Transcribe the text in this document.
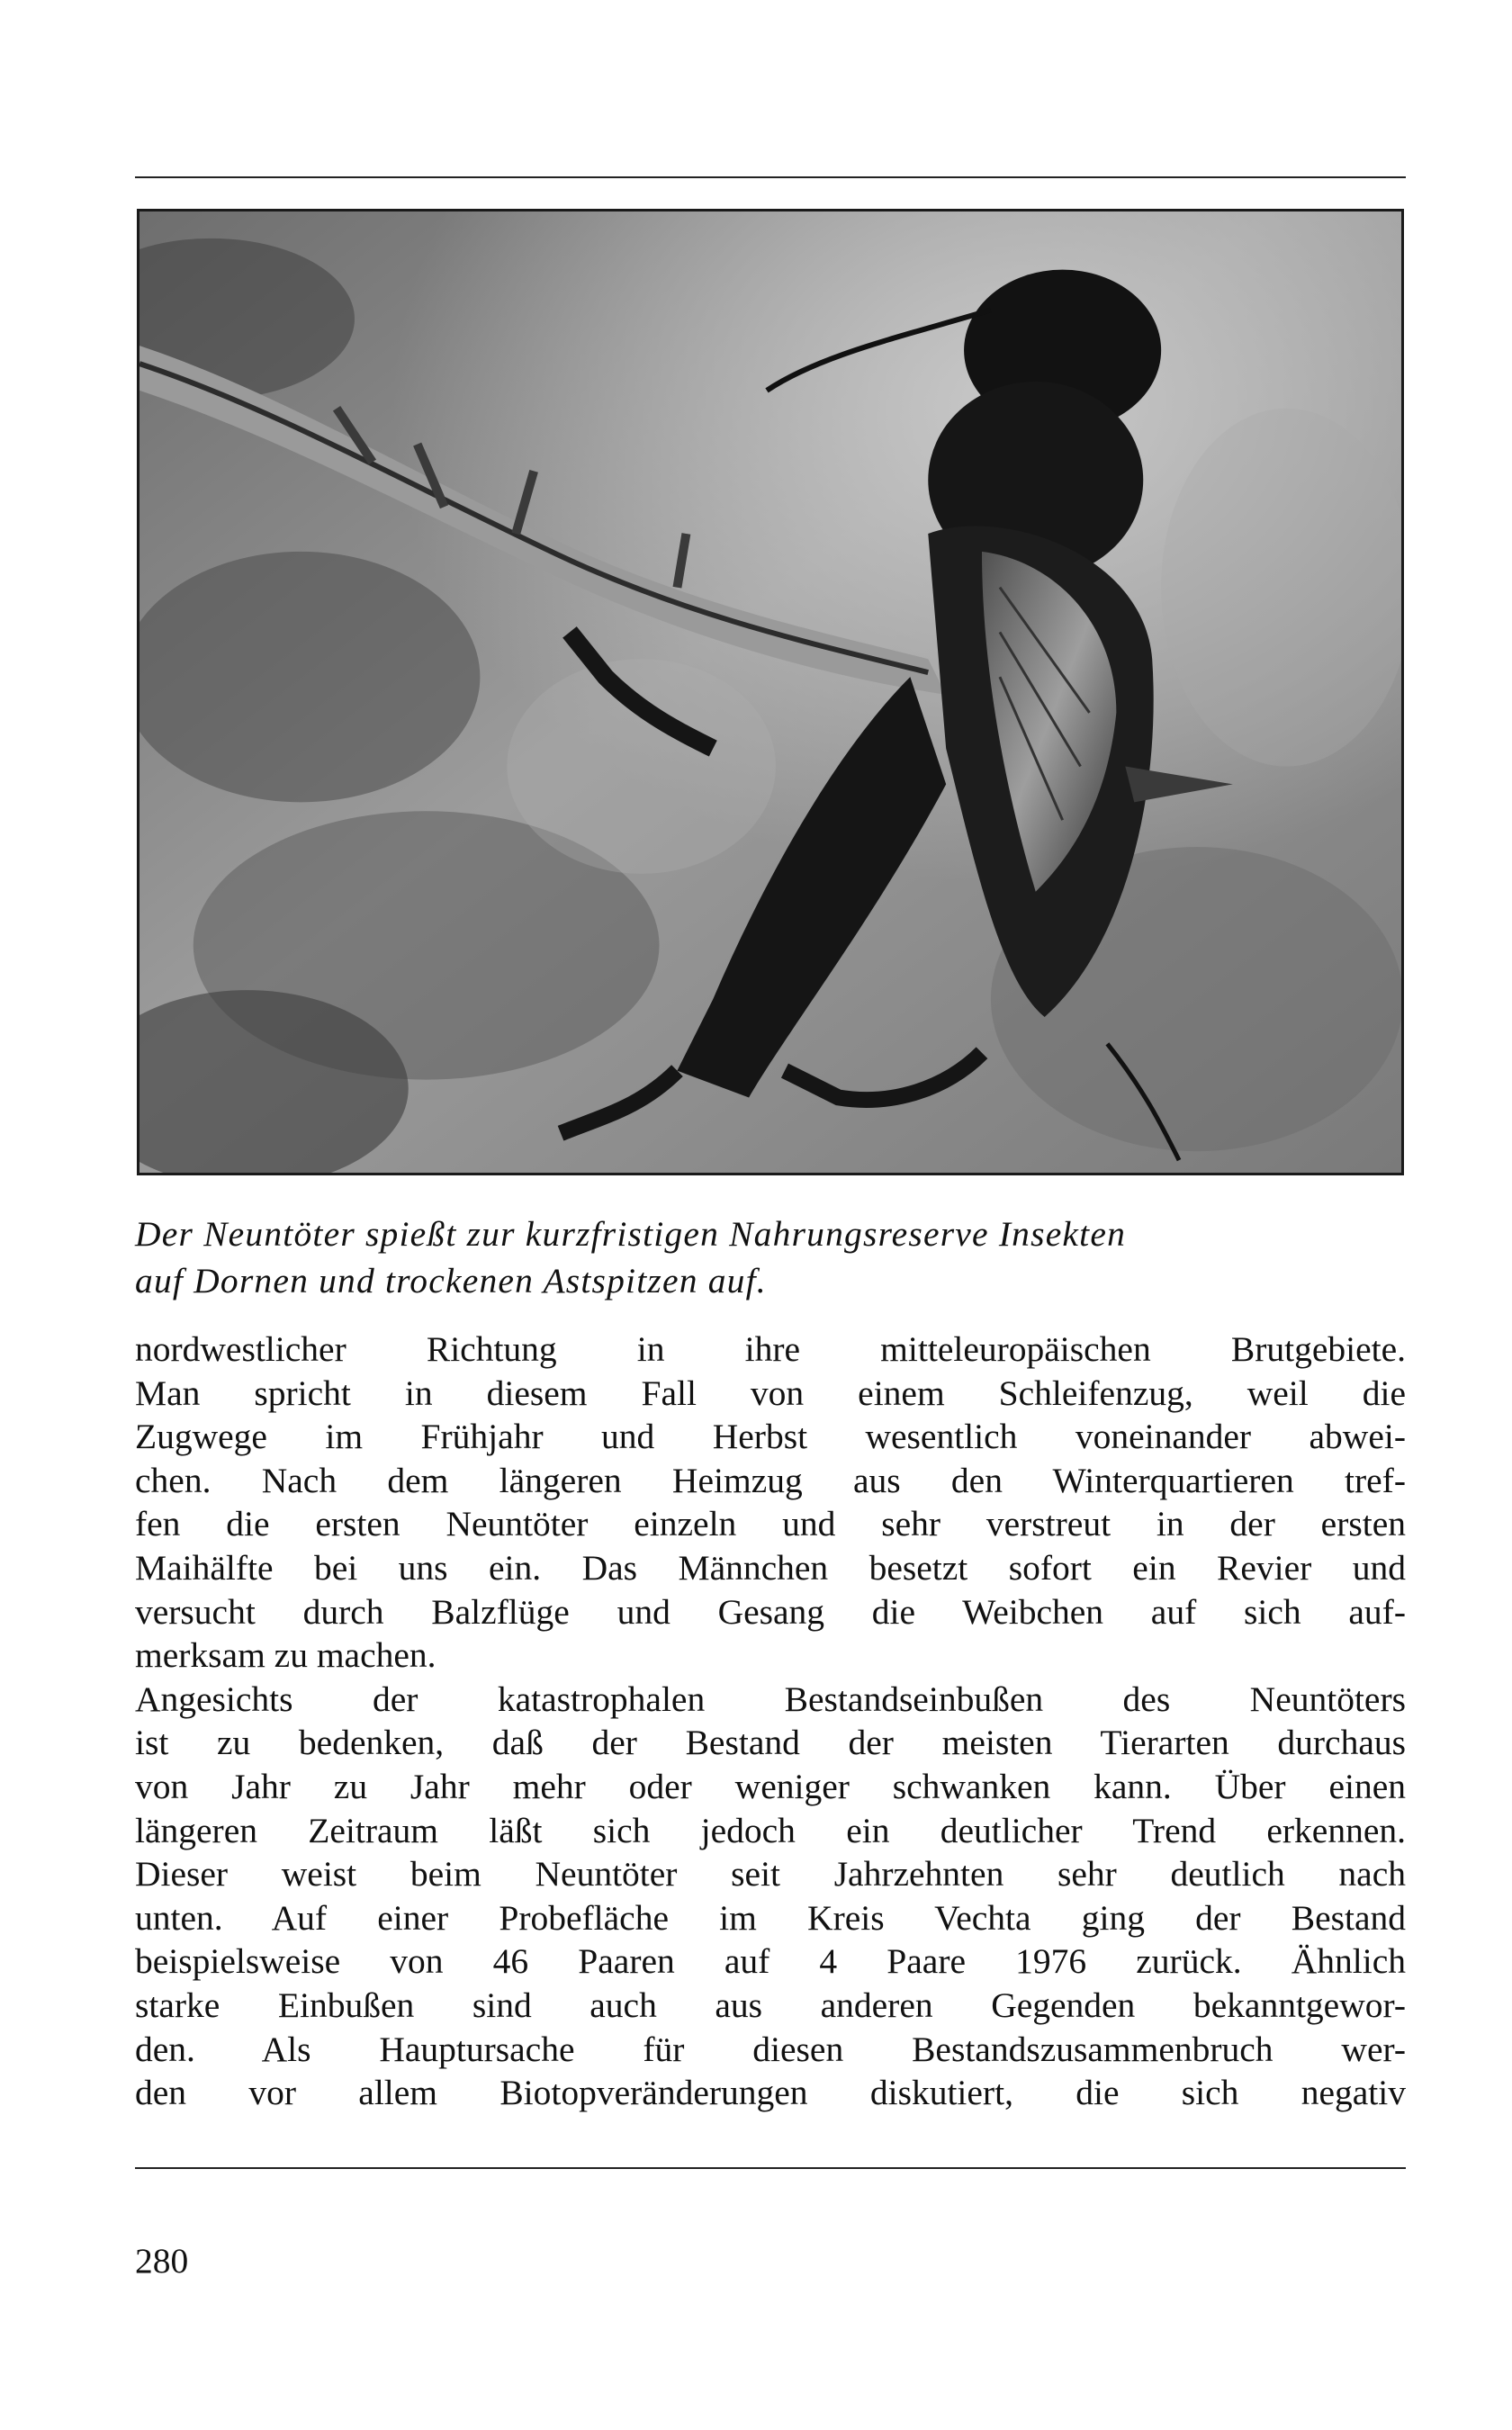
Der Neuntöter spießt zur kurzfristigen Nahrungsreserve Insekten
auf Dornen und trockenen Astspitzen auf.
nordwestlicher Richtung in ihre mitteleuropäischen Brutgebiete.
Man spricht in diesem Fall von einem Schleifenzug, weil die
Zugwege im Frühjahr und Herbst wesentlich voneinander abwei-
chen. Nach dem längeren Heimzug aus den Winterquartieren tref-
fen die ersten Neuntöter einzeln und sehr verstreut in der ersten
Maihälfte bei uns ein. Das Männchen besetzt sofort ein Revier und
versucht durch Balzflüge und Gesang die Weibchen auf sich auf-
merksam zu machen.
Angesichts der katastrophalen Bestandseinbußen des Neuntöters
ist zu bedenken, daß der Bestand der meisten Tierarten durchaus
von Jahr zu Jahr mehr oder weniger schwanken kann. Über einen
längeren Zeitraum läßt sich jedoch ein deutlicher Trend erkennen.
Dieser weist beim Neuntöter seit Jahrzehnten sehr deutlich nach
unten. Auf einer Probefläche im Kreis Vechta ging der Bestand
beispielsweise von 46 Paaren auf 4 Paare 1976 zurück. Ähnlich
starke Einbußen sind auch aus anderen Gegenden bekanntgewor-
den. Als Hauptursache für diesen Bestandszusammenbruch wer-
den vor allem Biotopveränderungen diskutiert, die sich negativ
280
